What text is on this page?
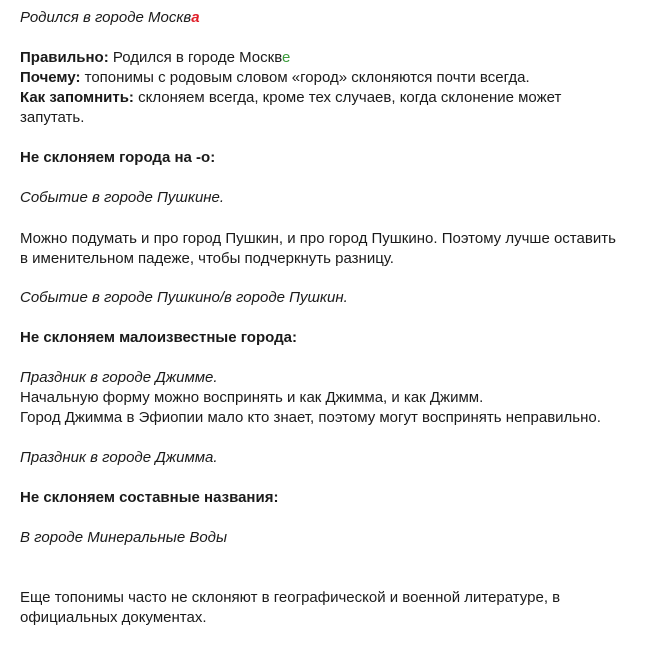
Родился в городе Москва
Правильно: Родился в городе Москве
Почему: топонимы с родовым словом «город» склоняются почти всегда.
Как запомнить: склоняем всегда, кроме тех случаев, когда склонение может
запутать.
Не склоняем города на -о:
Событие в городе Пушкине.
Можно подумать и про город Пушкин, и про город Пушкино. Поэтому лучше оставить
в именительном падеже, чтобы подчеркнуть разницу.
Событие в городе Пушкино/в городе Пушкин.
Не склоняем малоизвестные города:
Праздник в городе Джимме.
Начальную форму можно воспринять и как Джимма, и как Джимм.
Город Джимма в Эфиопии мало кто знает, поэтому могут воспринять неправильно.
Праздник в городе Джимма.
Не склоняем составные названия:
В городе Минеральные Воды
Еще топонимы часто не склоняют в географической и военной литературе, в
официальных документах.
